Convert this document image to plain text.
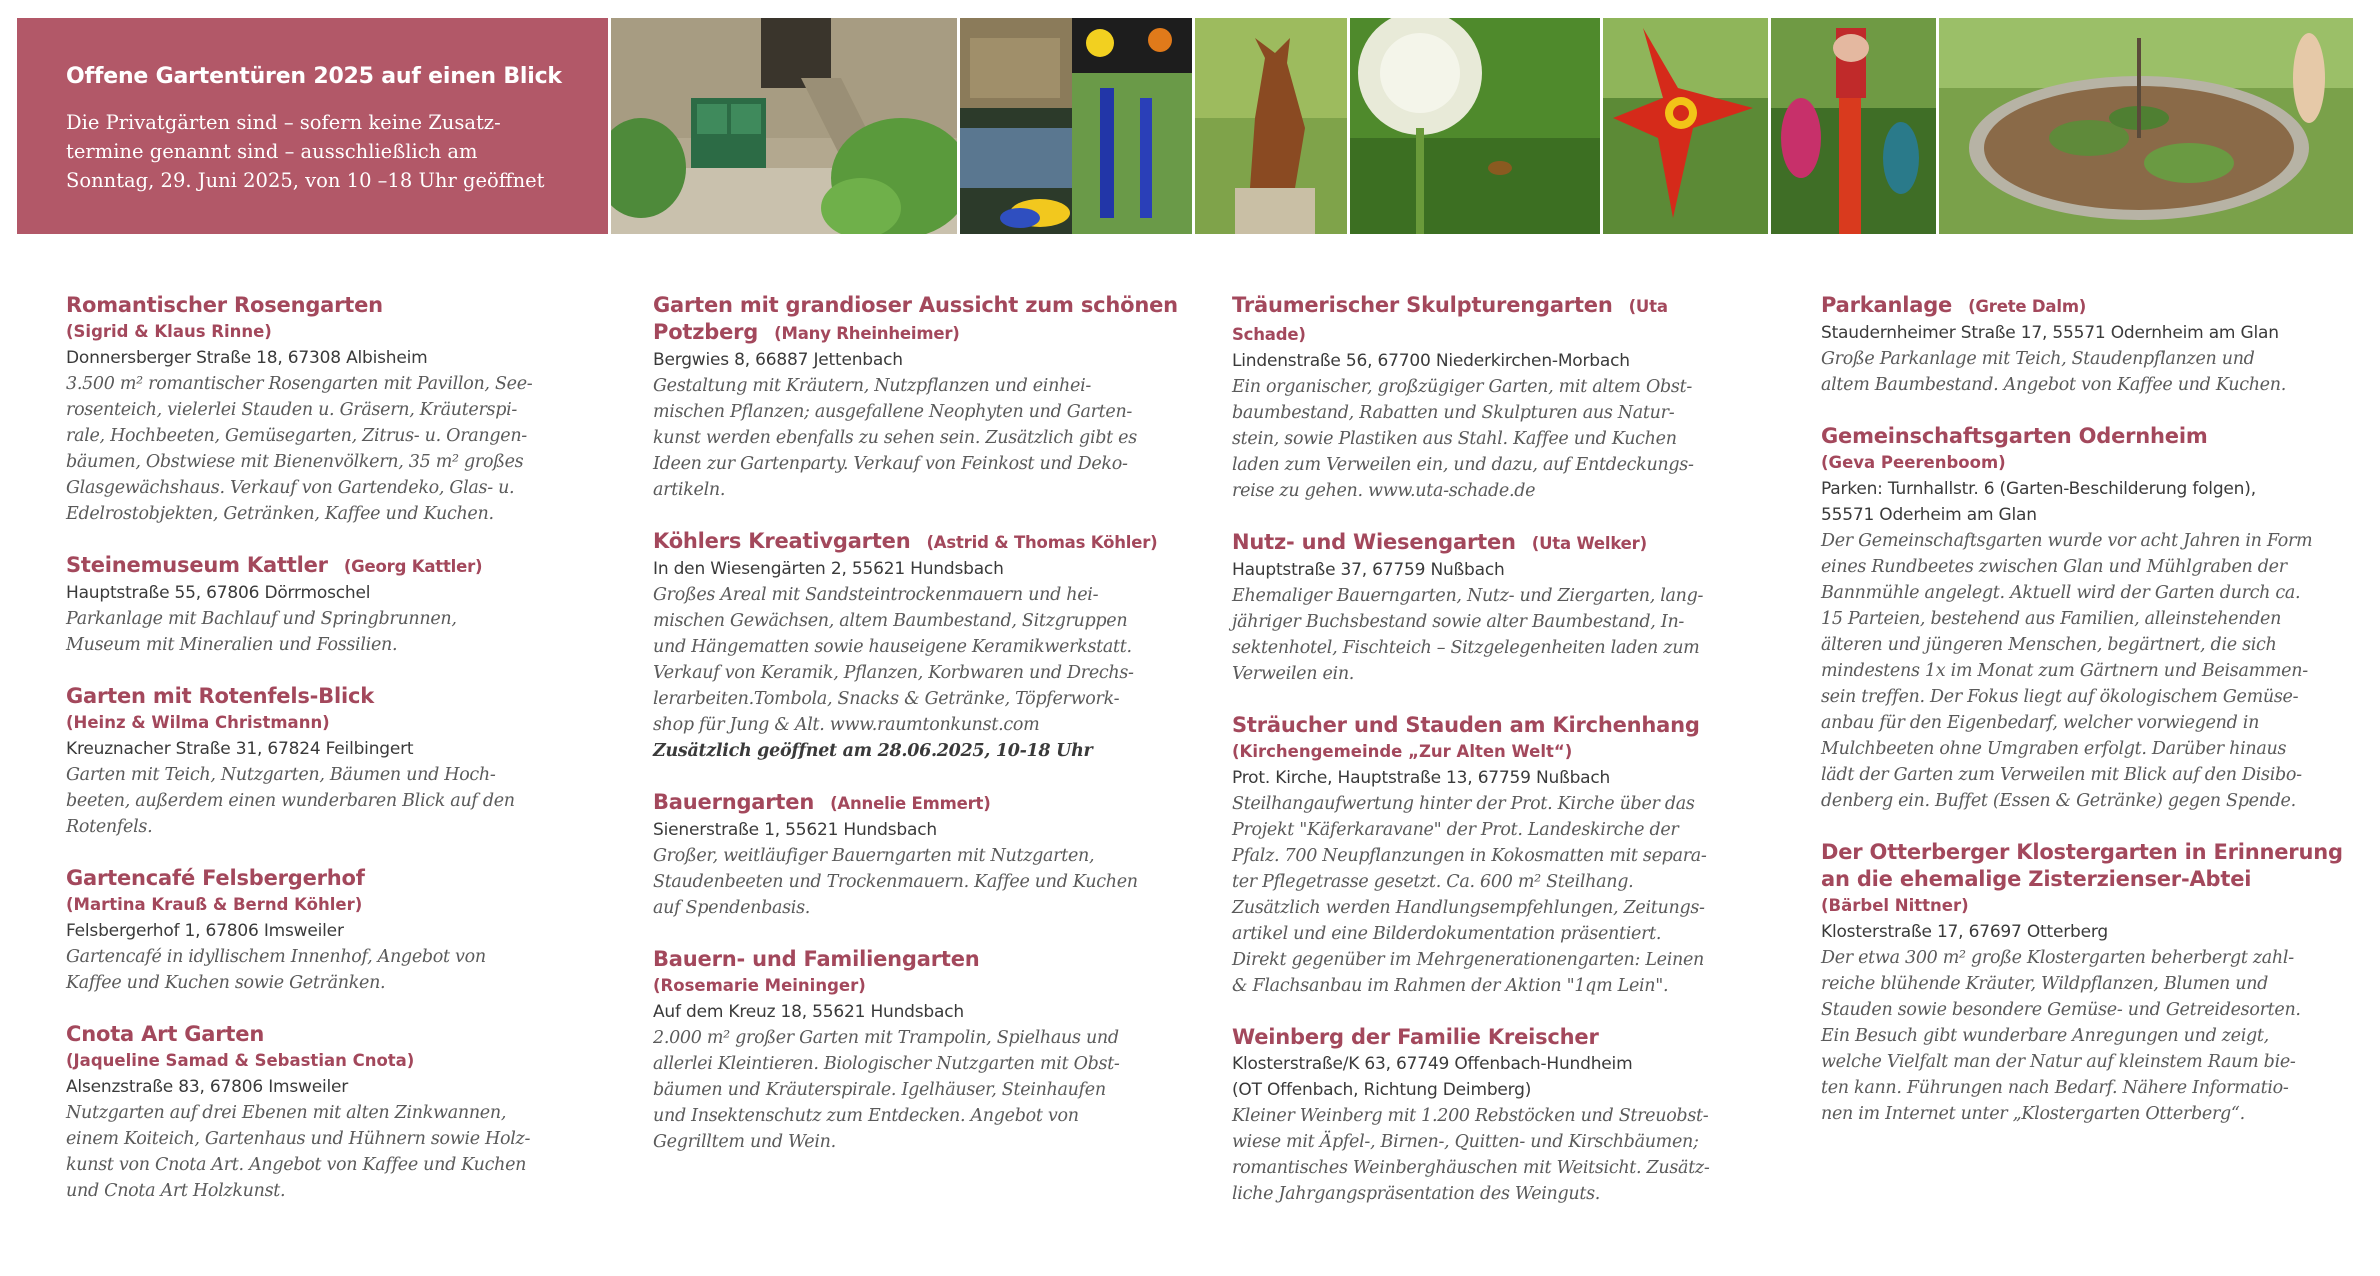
Offene Gartentüren 2025 auf einen Blick
Die Privatgärten sind – sofern keine Zusatz-
termine genannt sind – ausschließlich am
Sonntag, 29. Juni 2025, von 10 –18 Uhr geöffnet
Romantischer Rosengarten
(Sigrid & Klaus Rinne)
Donnersberger Straße 18, 67308 Albisheim
3.500 m² romantischer Rosengarten mit Pavillon, See-
rosenteich, vielerlei Stauden u. Gräsern, Kräuterspi-
rale, Hochbeeten, Gemüsegarten, Zitrus- u. Orangen-
bäumen, Obstwiese mit Bienenvölkern, 35 m² großes
Glasgewächshaus. Verkauf von Gartendeko, Glas- u.
Edelrostobjekten, Getränken, Kaffee und Kuchen.
Steinemuseum Kattler (Georg Kattler)
Hauptstraße 55, 67806 Dörrmoschel
Parkanlage mit Bachlauf und Springbrunnen,
Museum mit Mineralien und Fossilien.
Garten mit Rotenfels-Blick
(Heinz & Wilma Christmann)
Kreuznacher Straße 31, 67824 Feilbingert
Garten mit Teich, Nutzgarten, Bäumen und Hoch-
beeten, außerdem einen wunderbaren Blick auf den
Rotenfels.
Gartencafé Felsbergerhof
(Martina Krauß & Bernd Köhler)
Felsbergerhof 1, 67806 Imsweiler
Gartencafé in idyllischem Innenhof, Angebot von
Kaffee und Kuchen sowie Getränken.
Cnota Art Garten
(Jaqueline Samad & Sebastian Cnota)
Alsenzstraße 83, 67806 Imsweiler
Nutzgarten auf drei Ebenen mit alten Zinkwannen,
einem Koiteich, Gartenhaus und Hühnern sowie Holz-
kunst von Cnota Art. Angebot von Kaffee und Kuchen
und Cnota Art Holzkunst.
Garten mit grandioser Aussicht zum schönen
Potzberg (Many Rheinheimer)
Bergwies 8, 66887 Jettenbach
Gestaltung mit Kräutern, Nutzpflanzen und einhei-
mischen Pflanzen; ausgefallene Neophyten und Garten-
kunst werden ebenfalls zu sehen sein. Zusätzlich gibt es
Ideen zur Gartenparty. Verkauf von Feinkost und Deko-
artikeln.
Köhlers Kreativgarten (Astrid & Thomas Köhler)
In den Wiesengärten 2, 55621 Hundsbach
Großes Areal mit Sandsteintrockenmauern und hei-
mischen Gewächsen, altem Baumbestand, Sitzgruppen
und Hängematten sowie hauseigene Keramikwerkstatt.
Verkauf von Keramik, Pflanzen, Korbwaren und Drechs-
lerarbeiten.Tombola, Snacks & Getränke, Töpferwork-
shop für Jung & Alt. www.raumtonkunst.com
Zusätzlich geöffnet am 28.06.2025, 10-18 Uhr
Bauerngarten (Annelie Emmert)
Sienerstraße 1, 55621 Hundsbach
Großer, weitläufiger Bauerngarten mit Nutzgarten,
Staudenbeeten und Trockenmauern. Kaffee und Kuchen
auf Spendenbasis.
Bauern- und Familiengarten
(Rosemarie Meininger)
Auf dem Kreuz 18, 55621 Hundsbach
2.000 m² großer Garten mit Trampolin, Spielhaus und
allerlei Kleintieren. Biologischer Nutzgarten mit Obst-
bäumen und Kräuterspirale. Igelhäuser, Steinhaufen
und Insektenschutz zum Entdecken. Angebot von
Gegrilltem und Wein.
Träumerischer Skulpturengarten (Uta Schade)
Lindenstraße 56, 67700 Niederkirchen-Morbach
Ein organischer, großzügiger Garten, mit altem Obst-
baumbestand, Rabatten und Skulpturen aus Natur-
stein, sowie Plastiken aus Stahl. Kaffee und Kuchen
laden zum Verweilen ein, und dazu, auf Entdeckungs-
reise zu gehen. www.uta-schade.de
Nutz- und Wiesengarten (Uta Welker)
Hauptstraße 37, 67759 Nußbach
Ehemaliger Bauerngarten, Nutz- und Ziergarten, lang-
jähriger Buchsbestand sowie alter Baumbestand, In-
sektenhotel, Fischteich – Sitzgelegenheiten laden zum
Verweilen ein.
Sträucher und Stauden am Kirchenhang
(Kirchengemeinde „Zur Alten Welt“)
Prot. Kirche, Hauptstraße 13, 67759 Nußbach
Steilhangaufwertung hinter der Prot. Kirche über das
Projekt "Käferkaravane" der Prot. Landeskirche der
Pfalz. 700 Neupflanzungen in Kokosmatten mit separa-
ter Pflegetrasse gesetzt. Ca. 600 m² Steilhang.
Zusätzlich werden Handlungsempfehlungen, Zeitungs-
artikel und eine Bilderdokumentation präsentiert.
Direkt gegenüber im Mehrgenerationengarten: Leinen
& Flachsanbau im Rahmen der Aktion "1qm Lein".
Weinberg der Familie Kreischer
Klosterstraße/K 63, 67749 Offenbach-Hundheim
(OT Offenbach, Richtung Deimberg)
Kleiner Weinberg mit 1.200 Rebstöcken und Streuobst-
wiese mit Äpfel-, Birnen-, Quitten- und Kirschbäumen;
romantisches Weinberghäuschen mit Weitsicht. Zusätz-
liche Jahrgangspräsentation des Weinguts.
Parkanlage (Grete Dalm)
Staudernheimer Straße 17, 55571 Odernheim am Glan
Große Parkanlage mit Teich, Staudenpflanzen und
altem Baumbestand. Angebot von Kaffee und Kuchen.
Gemeinschaftsgarten Odernheim
(Geva Peerenboom)
Parken: Turnhallstr. 6 (Garten-Beschilderung folgen),
55571 Oderheim am Glan
Der Gemeinschaftsgarten wurde vor acht Jahren in Form
eines Rundbeetes zwischen Glan und Mühlgraben der
Bannmühle angelegt. Aktuell wird der Garten durch ca.
15 Parteien, bestehend aus Familien, alleinstehenden
älteren und jüngeren Menschen, begärtnert, die sich
mindestens 1x im Monat zum Gärtnern und Beisammen-
sein treffen. Der Fokus liegt auf ökologischem Gemüse-
anbau für den Eigenbedarf, welcher vorwiegend in
Mulchbeeten ohne Umgraben erfolgt. Darüber hinaus
lädt der Garten zum Verweilen mit Blick auf den Disibo-
denberg ein. Buffet (Essen & Getränke) gegen Spende.
Der Otterberger Klostergarten in Erinnerung
an die ehemalige Zisterzienser-Abtei
(Bärbel Nittner)
Klosterstraße 17, 67697 Otterberg
Der etwa 300 m² große Klostergarten beherbergt zahl-
reiche blühende Kräuter, Wildpflanzen, Blumen und
Stauden sowie besondere Gemüse- und Getreidesorten.
Ein Besuch gibt wunderbare Anregungen und zeigt,
welche Vielfalt man der Natur auf kleinstem Raum bie-
ten kann. Führungen nach Bedarf. Nähere Informatio-
nen im Internet unter „Klostergarten Otterberg“.
